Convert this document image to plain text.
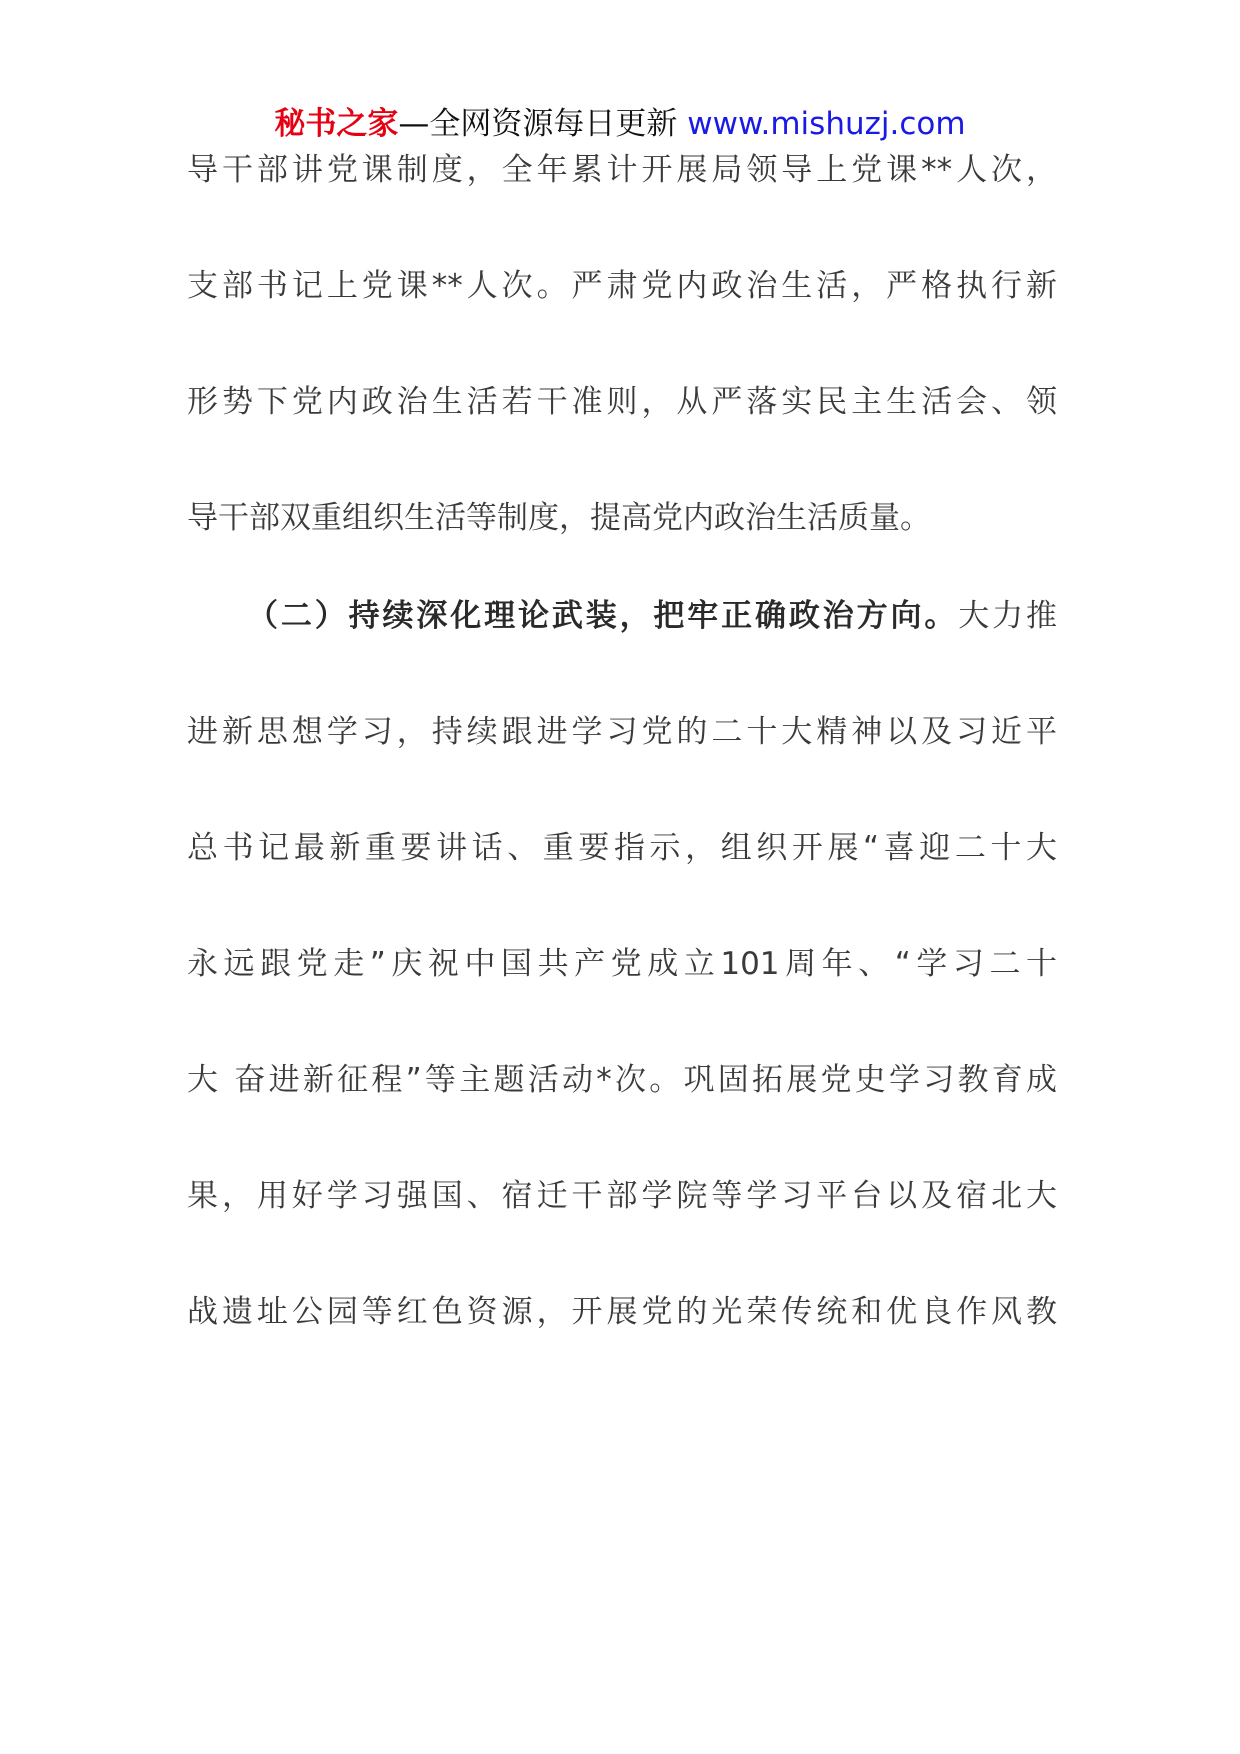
秘书之家—全网资源每日更新 www.mishuzj.com
导干部讲党课制度，全年累计开展局领导上党课**人次，
支部书记上党课**人次。严肃党内政治生活，严格执行新
形势下党内政治生活若干准则，从严落实民主生活会、领
导干部双重组织生活等制度，提高党内政治生活质量。
（二）持续深化理论武装，把牢正确政治方向。大力推
进新思想学习，持续跟进学习党的二十大精神以及习近平
总书记最新重要讲话、重要指示，组织开展“喜迎二十大
永远跟党走”庆祝中国共产党成立101周年、“学习二十
大 奋进新征程”等主题活动*次。巩固拓展党史学习教育成
果，用好学习强国、宿迁干部学院等学习平台以及宿北大
战遗址公园等红色资源，开展党的光荣传统和优良作风教
